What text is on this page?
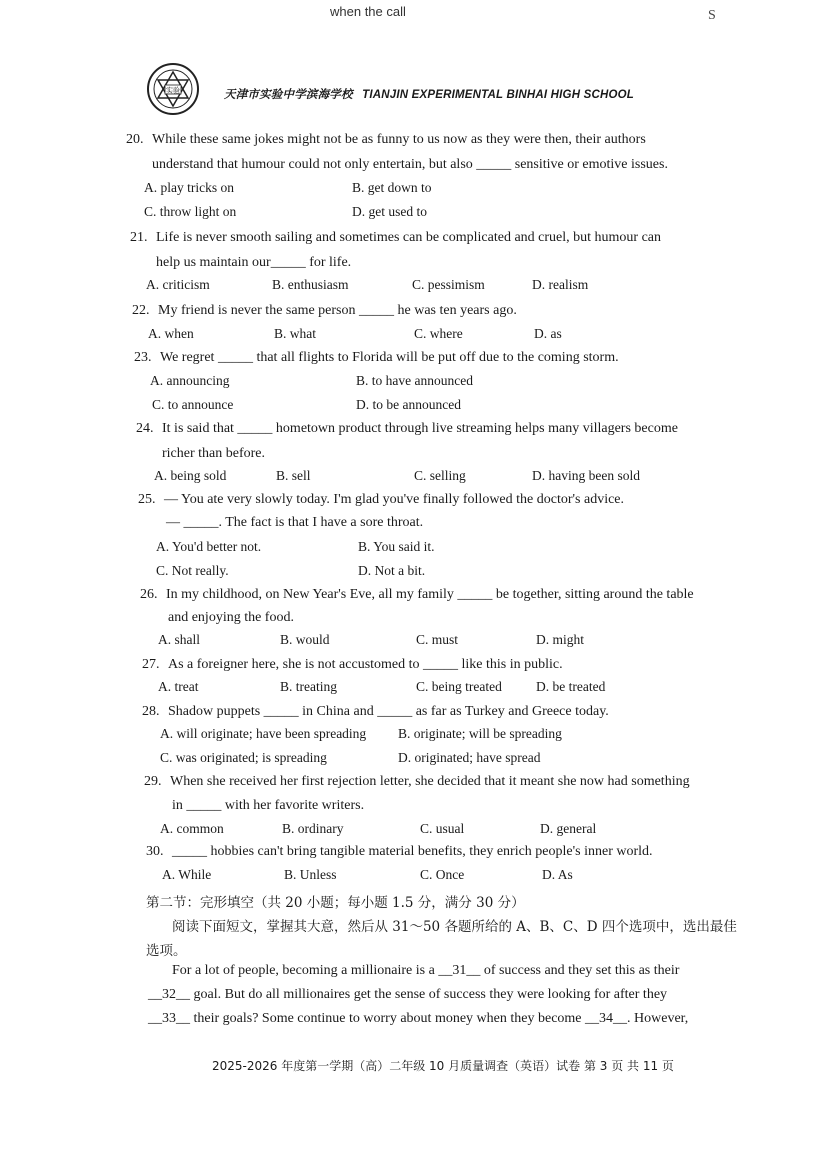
when the call	S
实验	天津市实验中学滨海学校 TIANJIN EXPERIMENTAL BINHAI HIGH SCHOOL
20. While these same jokes might not be as funny to us now as they were then, their authors
understand that humour could not only entertain, but also _____ sensitive or emotive issues.
A. play tricks on	B. get down to
C. throw light on	D. get used to
21. Life is never smooth sailing and sometimes can be complicated and cruel, but humour can
help us maintain our_____ for life.
A. criticism	B. enthusiasm	C. pessimism	D. realism
22. My friend is never the same person _____ he was ten years ago.
A. when	B. what	C. where	D. as
23. We regret _____ that all flights to Florida will be put off due to the coming storm.
A. announcing	B. to have announced
C. to announce	D. to be announced
24. It is said that _____ hometown product through live streaming helps many villagers become
richer than before.
A. being sold	B. sell	C. selling	D. having been sold
25. — You ate very slowly today. I'm glad you've finally followed the doctor's advice.
— _____. The fact is that I have a sore throat.
A. You'd better not.	B. You said it.
C. Not really.	D. Not a bit.
26. In my childhood, on New Year's Eve, all my family _____ be together, sitting around the table
and enjoying the food.
A. shall	B. would	C. must	D. might
27. As a foreigner here, she is not accustomed to _____ like this in public.
A. treat	B. treating	C. being treated	D. be treated
28. Shadow puppets _____ in China and _____ as far as Turkey and Greece today.
A. will originate; have been spreading B. originate; will be spreading
C. was originated; is spreading	D. originated; have spread
29. When she received her first rejection letter, she decided that it meant she now had something
in _____ with her favorite writers.
A. common	B. ordinary	C. usual	D. general
30. _____ hobbies can't bring tangible material benefits, they enrich people's inner world.
A. While	B. Unless	C. Once	D. As
第二节：完形填空（共 20 小题；每小题 1.5 分，满分 30 分）
阅读下面短文，掌握其大意，然后从 31～50 各题所给的 A、B、C、D 四个选项中，选出最佳
选项。
For a lot of people, becoming a millionaire is a __31__ of success and they set this as their
__32__ goal. But do all millionaires get the sense of success they were looking for after they
__33__ their goals? Some continue to worry about money when they become __34__. However,
2025-2026 年度第一学期（高）二年级 10 月质量调查（英语）试卷 第 3 页 共 11 页
